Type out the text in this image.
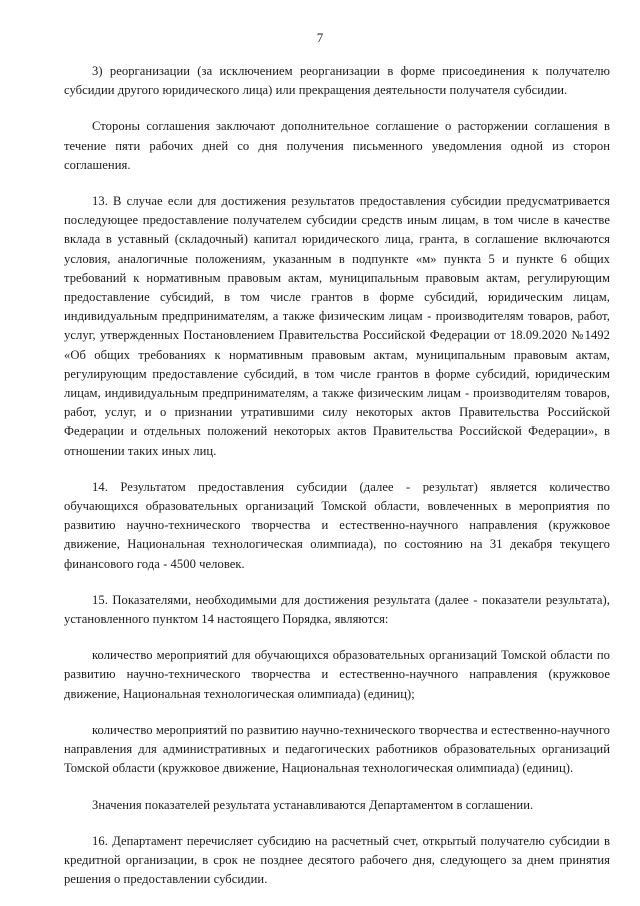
7

3) реорганизации (за исключением реорганизации в форме присоединения к получателю субсидии другого юридического лица) или прекращения деятельности получателя субсидии.

Стороны соглашения заключают дополнительное соглашение о расторжении соглашения в течение пяти рабочих дней со дня получения письменного уведомления одной из сторон соглашения.

13. В случае если для достижения результатов предоставления субсидии предусматривается последующее предоставление получателем субсидии средств иным лицам, в том числе в качестве вклада в уставный (складочный) капитал юридического лица, гранта, в соглашение включаются условия, аналогичные положениям, указанным в подпункте «м» пункта 5 и пункте 6 общих требований к нормативным правовым актам, муниципальным правовым актам, регулирующим предоставление субсидий, в том числе грантов в форме субсидий, юридическим лицам, индивидуальным предпринимателям, а также физическим лицам - производителям товаров, работ, услуг, утвержденных Постановлением Правительства Российской Федерации от 18.09.2020 №1492 «Об общих требованиях к нормативным правовым актам, муниципальным правовым актам, регулирующим предоставление субсидий, в том числе грантов в форме субсидий, юридическим лицам, индивидуальным предпринимателям, а также физическим лицам - производителям товаров, работ, услуг, и о признании утратившими силу некоторых актов Правительства Российской Федерации и отдельных положений некоторых актов Правительства Российской Федерации», в отношении таких иных лиц.

14. Результатом предоставления субсидии (далее - результат) является количество обучающихся образовательных организаций Томской области, вовлеченных в мероприятия по развитию научно-технического творчества и естественно-научного направления (кружковое движение, Национальная технологическая олимпиада), по состоянию на 31 декабря текущего финансового года - 4500 человек.

15. Показателями, необходимыми для достижения результата (далее - показатели результата), установленного пунктом 14 настоящего Порядка, являются:

количество мероприятий для обучающихся образовательных организаций Томской области по развитию научно-технического творчества и естественно-научного направления (кружковое движение, Национальная технологическая олимпиада) (единиц);

количество мероприятий по развитию научно-технического творчества и естественно-научного направления для административных и педагогических работников образовательных организаций Томской области (кружковое движение, Национальная технологическая олимпиада) (единиц).

Значения показателей результата устанавливаются Департаментом в соглашении.

16. Департамент перечисляет субсидию на расчетный счет, открытый получателю субсидии в кредитной организации, в срок не позднее десятого рабочего дня, следующего за днем принятия решения о предоставлении субсидии.
